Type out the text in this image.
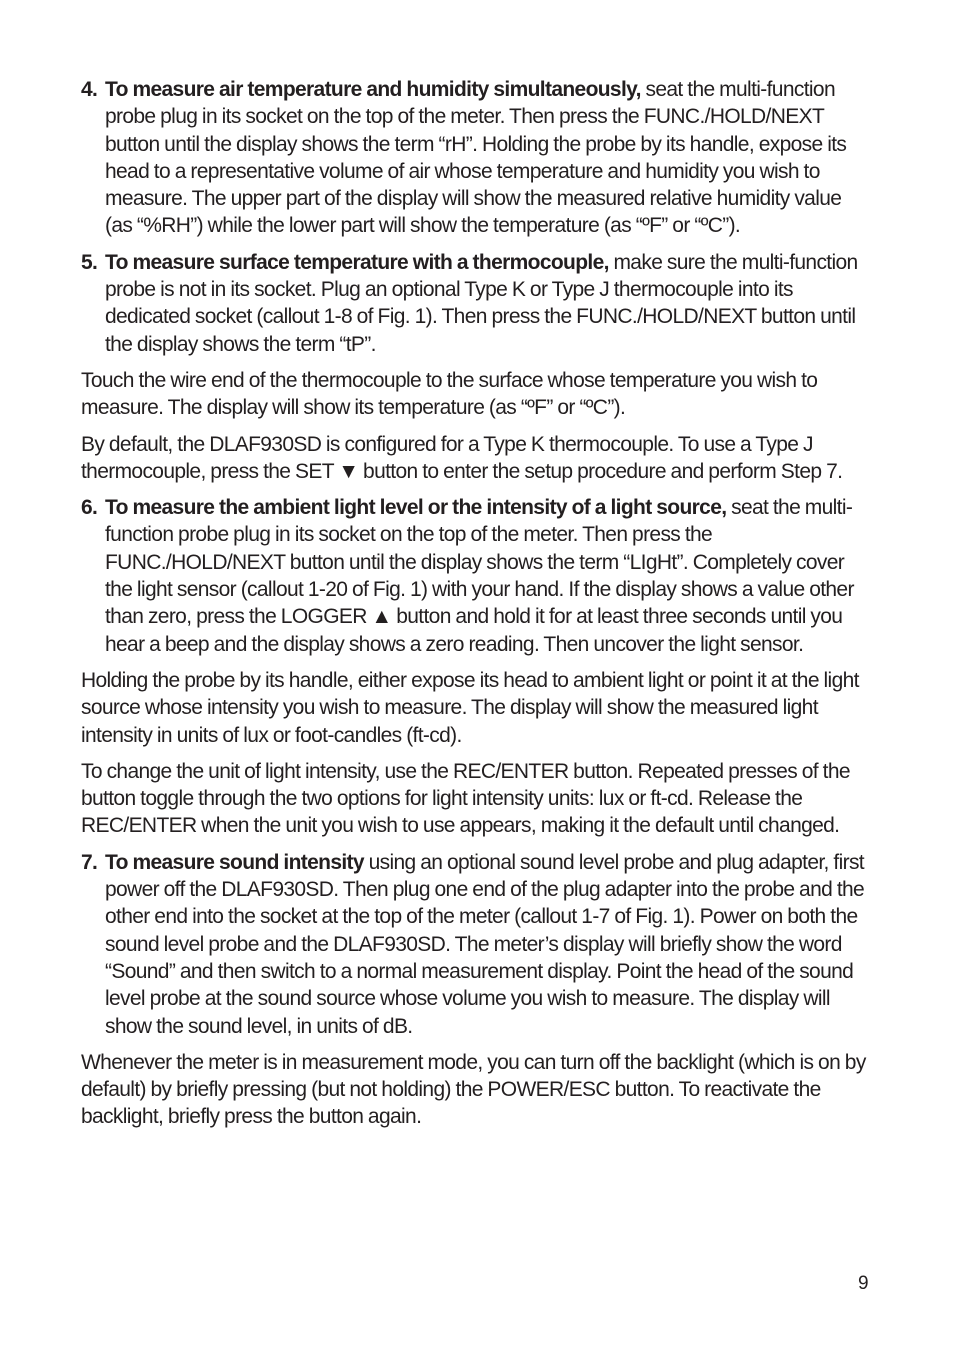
4. To measure air temperature and humidity simultaneously, seat the multi-function probe plug in its socket on the top of the meter. Then press the FUNC./HOLD/NEXT button until the display shows the term “rH”. Holding the probe by its handle, expose its head to a representative volume of air whose temperature and humidity you wish to measure. The upper part of the display will show the measured relative humidity value (as “%RH”) while the lower part will show the temperature (as “ºF” or “ºC”).
5. To measure surface temperature with a thermocouple, make sure the multi-function probe is not in its socket. Plug an optional Type K or Type J thermocouple into its dedicated socket (callout 1-8 of Fig. 1). Then press the FUNC./HOLD/NEXT button until the display shows the term “tP”.

Touch the wire end of the thermocouple to the surface whose temperature you wish to measure. The display will show its temperature (as “ºF” or “ºC”).

By default, the DLAF930SD is configured for a Type K thermocouple. To use a Type J thermocouple, press the SET ▼ button to enter the setup procedure and perform Step 7.

6. To measure the ambient light level or the intensity of a light source, seat the multi-function probe plug in its socket on the top of the meter. Then press the FUNC./HOLD/NEXT button until the display shows the term “LIgHt”. Completely cover the light sensor (callout 1-20 of Fig. 1) with your hand. If the display shows a value other than zero, press the LOGGER ▲ button and hold it for at least three seconds until you hear a beep and the display shows a zero reading. Then uncover the light sensor.

Holding the probe by its handle, either expose its head to ambient light or point it at the light source whose intensity you wish to measure. The display will show the measured light intensity in units of lux or foot-candles (ft-cd).

To change the unit of light intensity, use the REC/ENTER button. Repeated presses of the button toggle through the two options for light intensity units: lux or ft-cd. Release the REC/ENTER when the unit you wish to use appears, making it the default until changed.

7. To measure sound intensity using an optional sound level probe and plug adapter, first power off the DLAF930SD. Then plug one end of the plug adapter into the probe and the other end into the socket at the top of the meter (callout 1-7 of Fig. 1). Power on both the sound level probe and the DLAF930SD. The meter’s display will briefly show the word “Sound” and then switch to a normal measurement display. Point the head of the sound level probe at the sound source whose volume you wish to measure. The display will show the sound level, in units of dB.

Whenever the meter is in measurement mode, you can turn off the backlight (which is on by default) by briefly pressing (but not holding) the POWER/ESC button. To reactivate the backlight, briefly press the button again.

9
